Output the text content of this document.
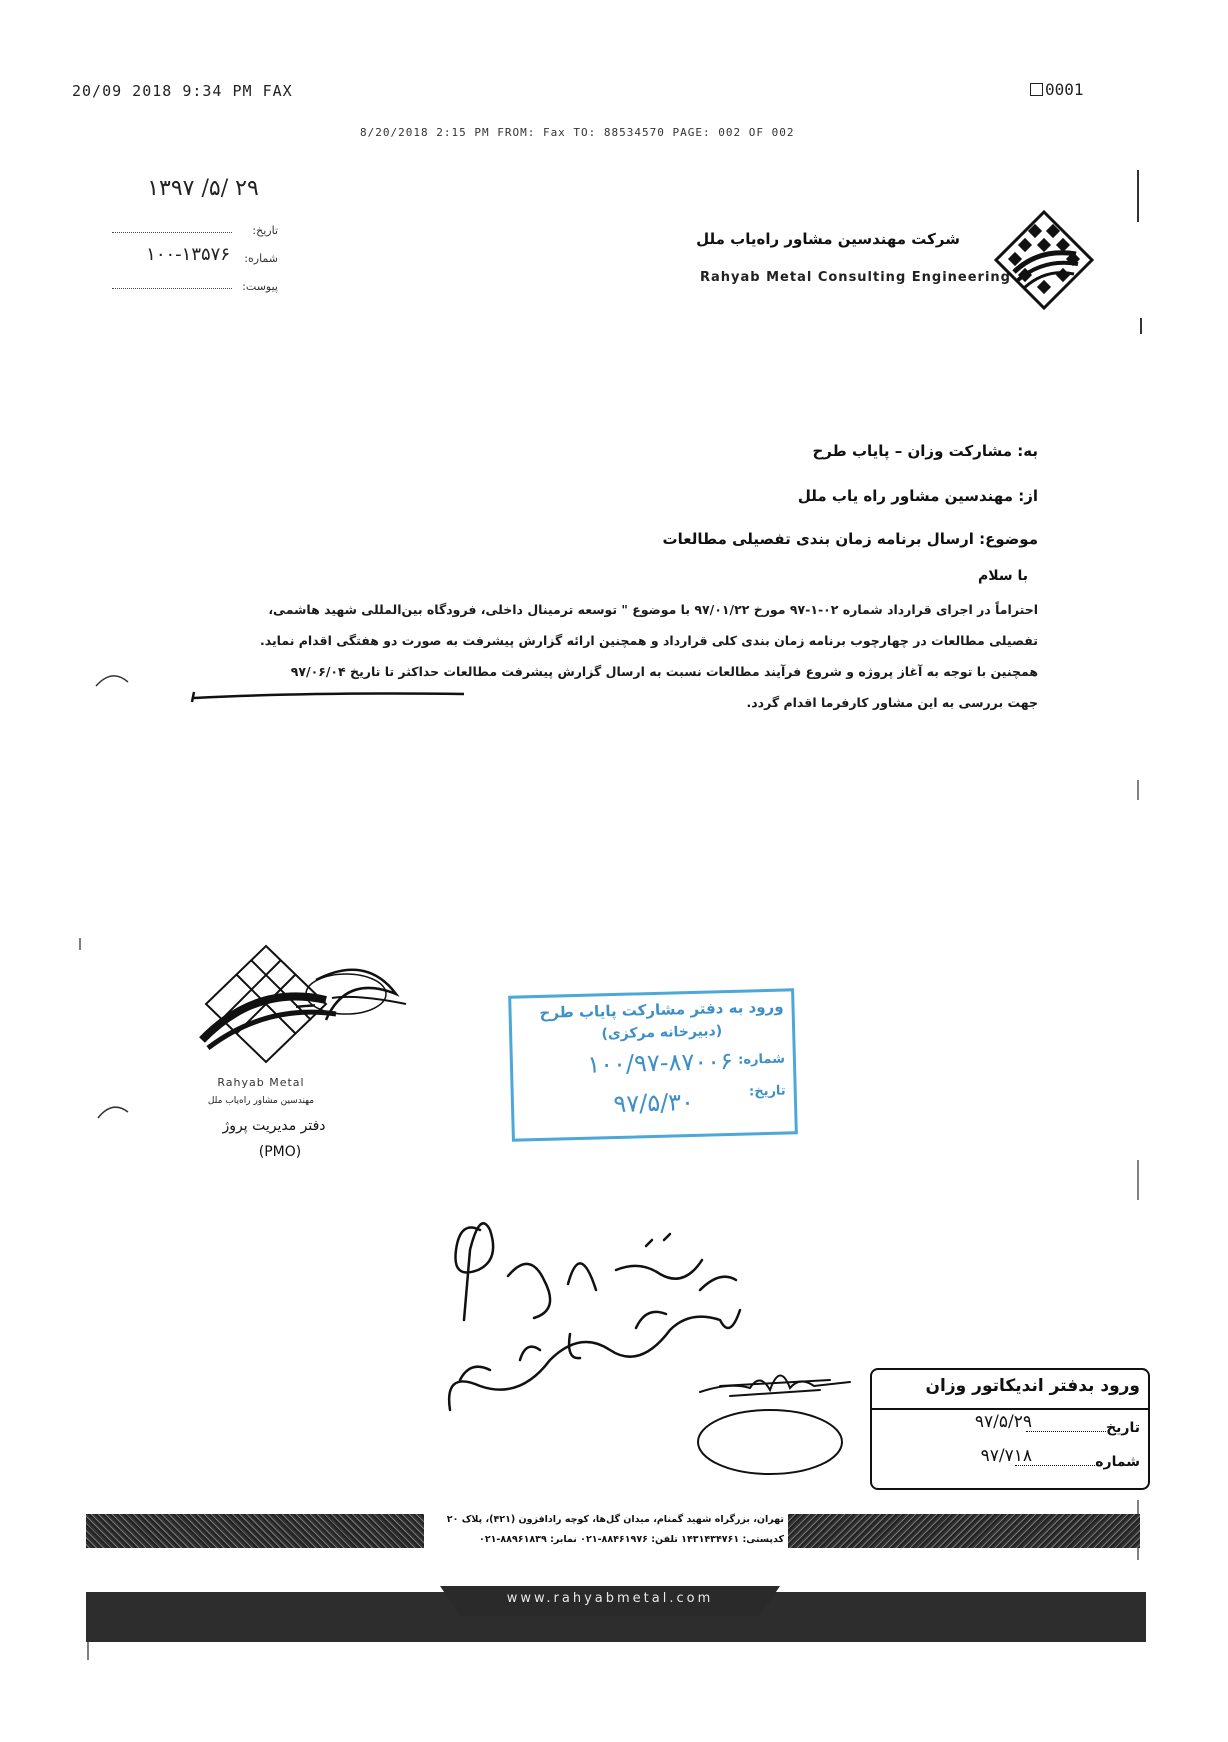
20/09 2018 9:34 PM FAX	0001
8/20/2018 2:15 PM FROM: Fax TO: 88534570 PAGE: 002 OF 002
۱۳۹۷ /۵/ ۲۹
تاریخ:
شماره:
۱۰۰-۱۳۵۷۶
پیوست:
شرکت مهندسین مشاور راه‌یاب ملل
Rahyab Metal Consulting Engineering
به: مشارکت وزان – پایاب طرح
از: مهندسین مشاور راه یاب ملل
موضوع: ارسال برنامه زمان بندی تفصیلی مطالعات
با سلام

احتراماً در اجرای قرارداد شماره ۰۲-۱-۹۷ مورخ ۹۷/۰۱/۲۲ با موضوع " توسعه ترمینال داخلی، فرودگاه بین‌المللی شهید هاشمی،

تفصیلی مطالعات در چهارچوب برنامه زمان بندی کلی قرارداد و همچنین ارائه گزارش پیشرفت به صورت دو هفتگی اقدام نماید.

همچنین با توجه به آغاز پروژه و شروع فرآیند مطالعات نسبت به ارسال گزارش پیشرفت مطالعات حداکثر تا تاریخ ۹۷/۰۶/۰۴

جهت بررسی به این مشاور کارفرما اقدام گردد.

ـــ
Rahyab Metal
مهندسین مشاور راه‌یاب ملل
دفتر مدیریت پروژ
(PMO)
ورود به دفتر مشارکت پایاب طرح
(دبیرخانه مرکزی)
شماره:
۱۰۰/۹۷-۸۷۰۰۶
تاریخ:
۹۷/۵/۳۰
ورود بدفتر اندیکاتور وزان
تاریخ
۹۷/۵/۲۹
شماره
۹۷/۷۱۸
تهران، بزرگراه شهید گمنام، میدان گل‌ها، کوچه رادافزون (۴۲۱)، پلاک ۲۰
کدپستی: ۱۴۳۱۴۳۴۷۶۱ تلفن: ۸۸۴۶۱۹۷۶-۰۲۱ نمابر: ۸۸۹۶۱۸۳۹-۰۲۱
www.rahyabmetal.com
